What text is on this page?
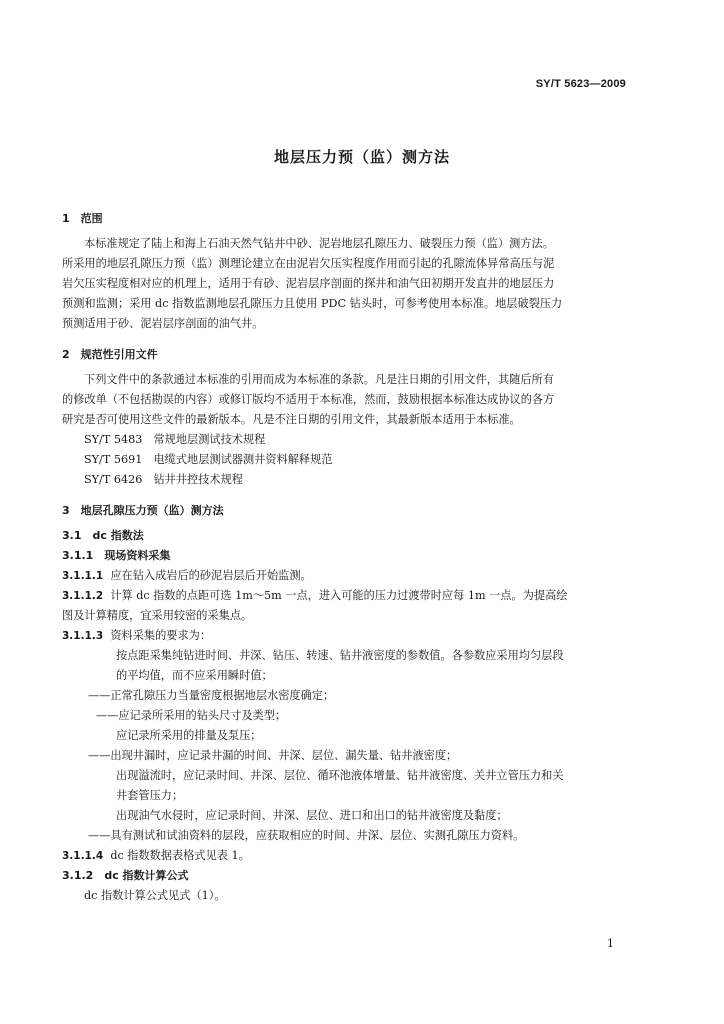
SY/T 5623—2009
地层压力预（监）测方法
1　范围
本标准规定了陆上和海上石油天然气钻井中砂、泥岩地层孔隙压力、破裂压力预（监）测方法。
所采用的地层孔隙压力预（监）测理论建立在由泥岩欠压实程度作用而引起的孔隙流体异常高压与泥
岩欠压实程度相对应的机理上，适用于有砂、泥岩层序剖面的探井和油气田初期开发直井的地层压力
预测和监测；采用 dc 指数监测地层孔隙压力且使用 PDC 钻头时，可参考使用本标准。地层破裂压力
预测适用于砂、泥岩层序剖面的油气井。
2　规范性引用文件
下列文件中的条款通过本标准的引用而成为本标准的条款。凡是注日期的引用文件，其随后所有
的修改单（不包括勘误的内容）或修订版均不适用于本标准，然而，鼓励根据本标准达成协议的各方
研究是否可使用这些文件的最新版本。凡是不注日期的引用文件，其最新版本适用于本标准。
SY/T 5483　常规地层测试技术规程
SY/T 5691　电缆式地层测试器测井资料解释规范
SY/T 6426　钻井井控技术规程
3　地层孔隙压力预（监）测方法
3.1　dc 指数法
3.1.1　现场资料采集
3.1.1.1 应在钻入成岩后的砂泥岩层后开始监测。
3.1.1.2 计算 dc 指数的点距可选 1m～5m 一点，进入可能的压力过渡带时应每 1m 一点。为提高绘
图及计算精度，宜采用较密的采集点。
3.1.1.3 资料采集的要求为：
按点距采集纯钻进时间、井深、钻压、转速、钻井液密度的参数值。各参数应采用均匀层段
的平均值，而不应采用瞬时值；
——正常孔隙压力当量密度根据地层水密度确定；
——应记录所采用的钻头尺寸及类型；
应记录所采用的排量及泵压；
——出现井漏时，应记录井漏的时间、井深、层位、漏失量、钻井液密度；
出现溢流时，应记录时间、井深、层位、循环池液体增量、钻井液密度、关井立管压力和关
井套管压力；
出现油气水侵时，应记录时间、井深、层位、进口和出口的钻井液密度及黏度；
——具有测试和试油资料的层段，应获取相应的时间、井深、层位、实测孔隙压力资料。
3.1.1.4 dc 指数数据表格式见表 1。
3.1.2　dc 指数计算公式
dc 指数计算公式见式（1）。
1
